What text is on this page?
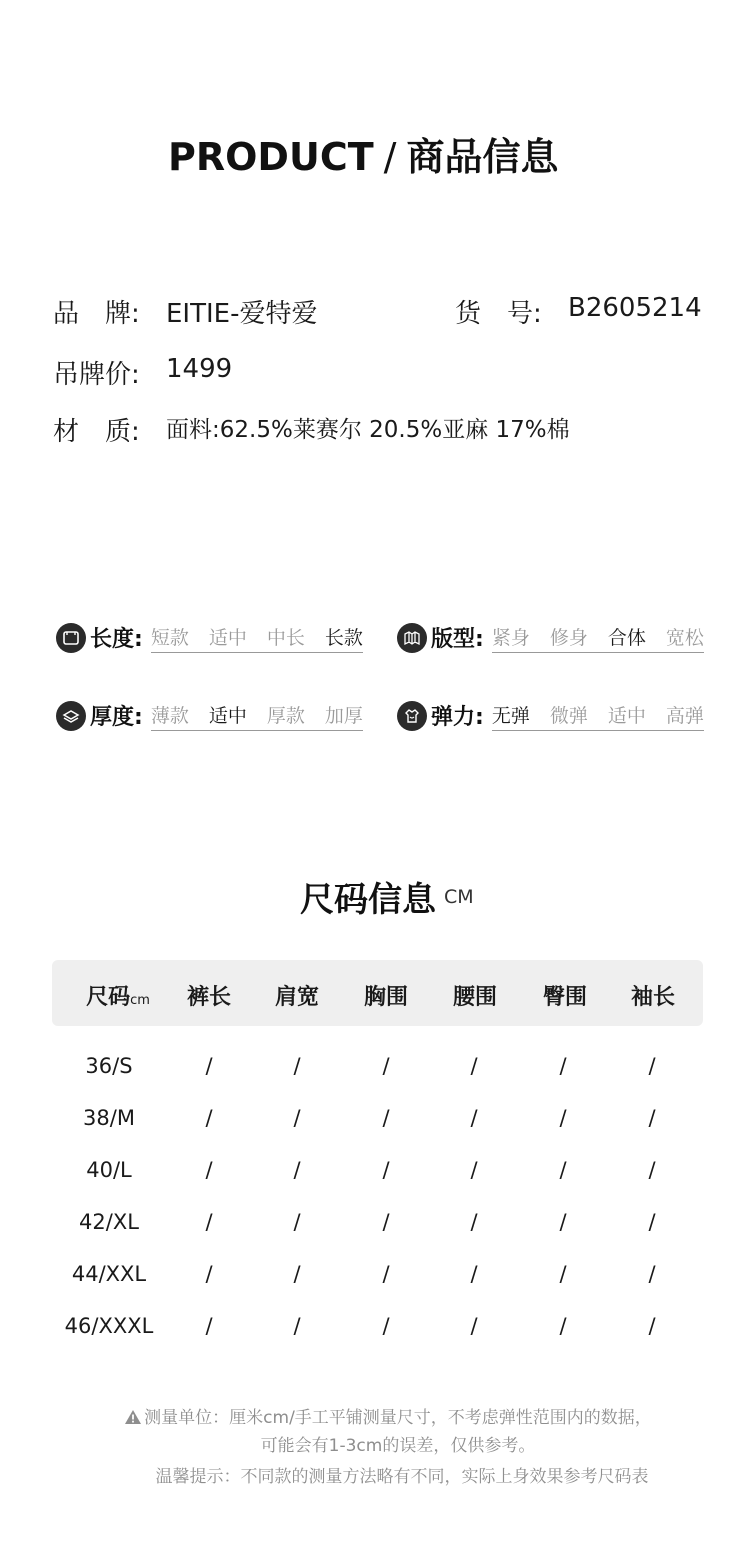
PRODUCT / 商品信息
品　牌: EITIE-爱特爱	货　号: B2605214
吊牌价: 1499
材　质: 面料:62.5%莱赛尔 20.5%亚麻 17%棉
长度: 短款 适中 中长 长款	版型: 紧身 修身 合体 宽松
厚度: 薄款 适中 厚款 加厚	弹力: 无弹 微弹 适中 高弹
尺码信息 $^{CM}$
尺码cm 裤长 肩宽 胸围 腰围 臀围 袖长
36/S	/	/	/	/	/	/
38/M	/	/	/	/	/	/
40/L	/	/	/	/	/	/
42/XL	/	/	/	/	/	/
44/XXL	/	/	/	/	/	/
46/XXXL /	/	/	/	/	/
测量单位：厘米cm/手工平铺测量尺寸，不考虑弹性范围内的数据，
可能会有1-3cm的误差，仅供参考。
温馨提示：不同款的测量方法略有不同，实际上身效果参考尺码表
